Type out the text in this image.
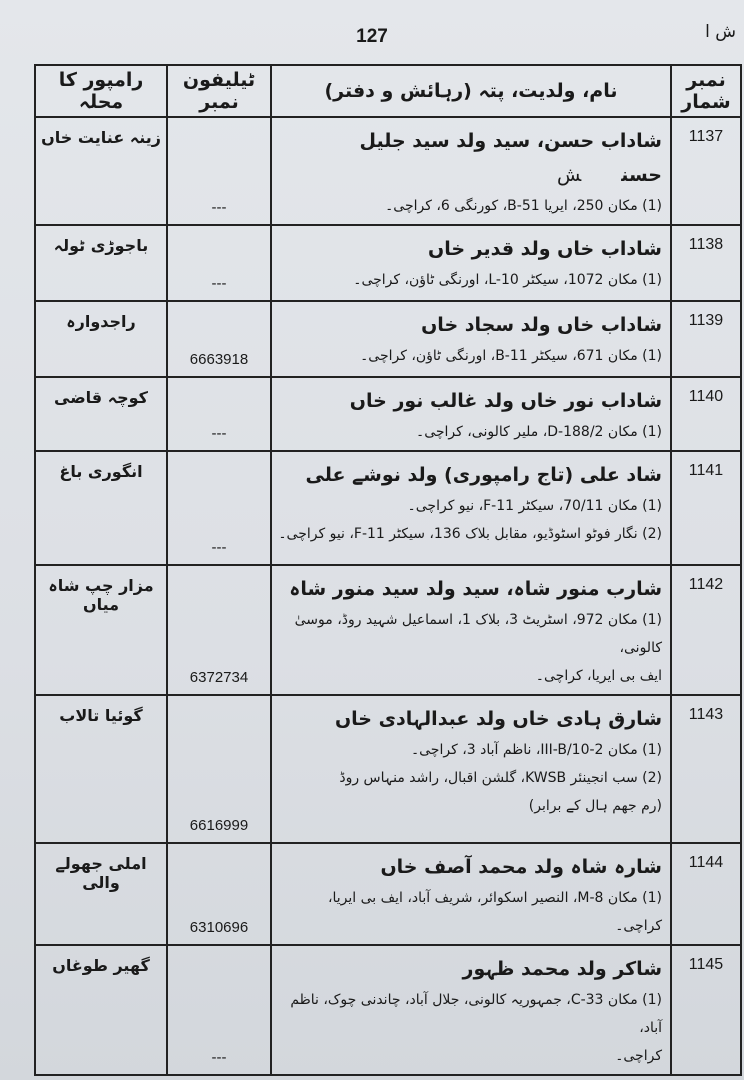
ش ا
127
نمبر شمار	نام، ولدیت، پتہ (رہائش و دفتر)	ٹیلیفون نمبر	رامپور کا محلہ
1137	شاداب حسن، سید ولد سید جلیل حسنش
(1) مکان 250، ایریا B-51، کورنگی 6، کراچی۔	---	زینہ عنایت خاں
1138	شاداب خاں ولد قدیر خاں
(1) مکان 1072، سیکٹر L-10، اورنگی ٹاؤن، کراچی۔	---	باجوڑی ٹولہ
1139	شاداب خاں ولد سجاد خاں
(1) مکان 671، سیکٹر B-11، اورنگی ٹاؤن، کراچی۔	6663918	راجدوارہ
1140	شاداب نور خاں ولد غالب نور خاں
(1) مکان D-188/2، ملیر کالونی، کراچی۔	---	کوچہ قاضی
1141	شاد علی (تاج رامپوری) ولد نوشے علی
(1) مکان 70/11، سیکٹر F-11، نیو کراچی۔
(2) نگار فوٹو اسٹوڈیو، مقابل بلاک 136، سیکٹر F-11، نیو کراچی۔	---	انگوری باغ
1142	شارب منور شاہ، سید ولد سید منور شاہ
(1) مکان 972، اسٹریٹ 3، بلاک 1، اسماعیل شہید روڈ، موسیٰ کالونی،
ایف بی ایریا، کراچی۔	6372734	مزار چپ شاہ میاں
1143	شارق ہادی خاں ولد عبدالہادی خاں
(1) مکان III-B/10-2، ناظم آباد 3، کراچی۔
(2) سب انجینئر KWSB، گلشن اقبال، راشد منہاس روڈ
(رم جھم ہال کے برابر)	6616999	گوئیا تالاب
1144	شارہ شاہ ولد محمد آصف خاں
(1) مکان M-8، النصیر اسکوائر، شریف آباد، ایف بی ایریا، کراچی۔	6310696	املی جھولے والی
1145	شاکر ولد محمد ظہور
(1) مکان C-33، جمہوریہ کالونی، جلال آباد، چاندنی چوک، ناظم آباد،
کراچی۔	---	گھیر طوغاں
